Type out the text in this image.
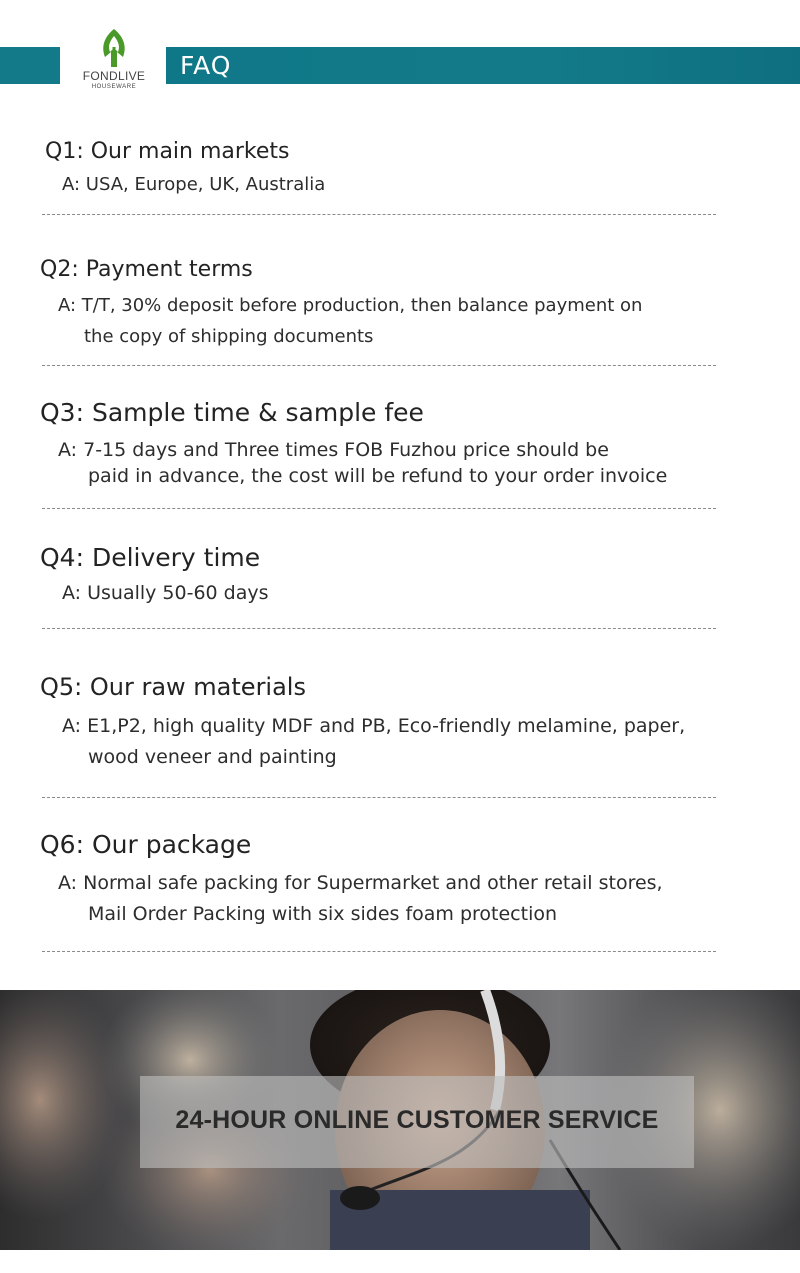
FAQ
FONDLIVE
HOUSEWARE

Q1: Our main markets

A: USA, Europe, UK, Australia

Q2: Payment terms

A: T/T, 30% deposit before production, then balance payment on
the copy of shipping documents

Q3: Sample time & sample fee

A: 7-15 days and Three times FOB Fuzhou price should be
paid in advance, the cost will be refund to your order invoice

Q4: Delivery time

A: Usually 50-60 days

Q5: Our raw materials

A: E1,P2, high quality MDF and PB, Eco-friendly melamine, paper,
wood veneer and painting

Q6: Our package

A: Normal safe packing for Supermarket and other retail stores,
Mail Order Packing with six sides foam protection

24-HOUR ONLINE CUSTOMER SERVICE
